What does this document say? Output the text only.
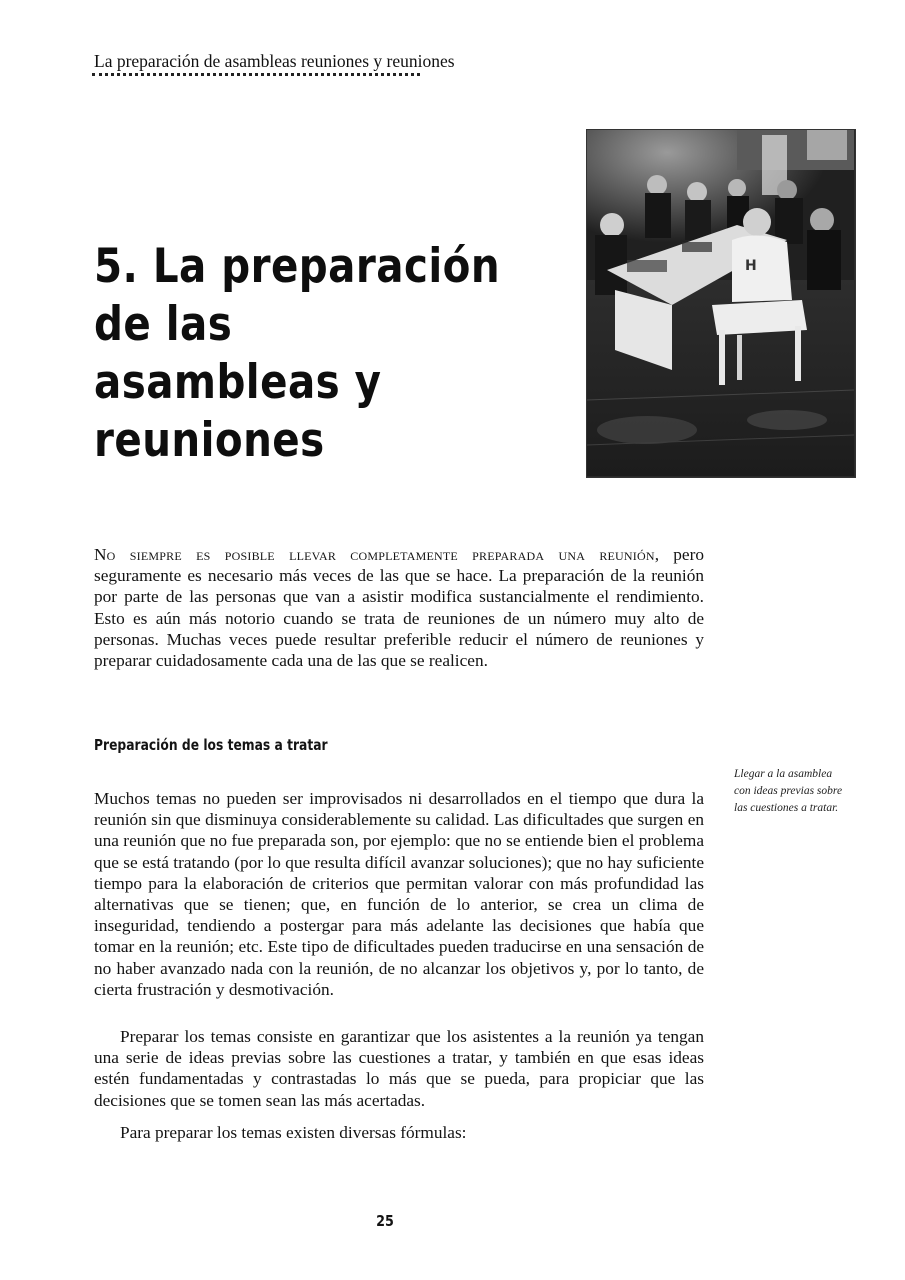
La preparación de asambleas reuniones y reuniones
5. La preparación de las
asambleas y reuniones
H

No siempre es posible llevar completamente preparada una reunión, pero seguramente es necesario más veces de las que se hace. La preparación de la reunión por parte de las personas que van a asistir modifica sustancialmente el rendimiento. Esto es aún más notorio cuando se trata de reuniones de un número muy alto de personas. Muchas veces puede resultar preferible reducir el número de reuniones y preparar cuidadosamente cada una de las que se realicen.

Preparación de los temas a tratar
Llegar a la asamblea con ideas previas sobre las cuestiones a tratar.

Muchos temas no pueden ser improvisados ni desarrollados en el tiempo que dura la reunión sin que disminuya considerablemente su calidad. Las dificultades que surgen en una reunión que no fue preparada son, por ejemplo: que no se entiende bien el problema que se está tratando (por lo que resulta difícil avanzar soluciones); que no hay suficiente tiempo para la elaboración de criterios que permitan valorar con más profundidad las alternativas que se tienen; que, en función de lo anterior, se crea un clima de inseguridad, tendiendo a postergar para más adelante las decisiones que había que tomar en la reunión; etc. Este tipo de dificultades pueden traducirse en una sensación de no haber avanzado nada con la reunión, de no alcanzar los objetivos y, por lo tanto, de cierta frustración y desmotivación.

Preparar los temas consiste en garantizar que los asistentes a la reunión ya tengan una serie de ideas previas sobre las cuestiones a tratar, y también en que esas ideas estén fundamentadas y contrastadas lo más que se pueda, para propiciar que las decisiones que se tomen sean las más acertadas.

Para preparar los temas existen diversas fórmulas:

25
